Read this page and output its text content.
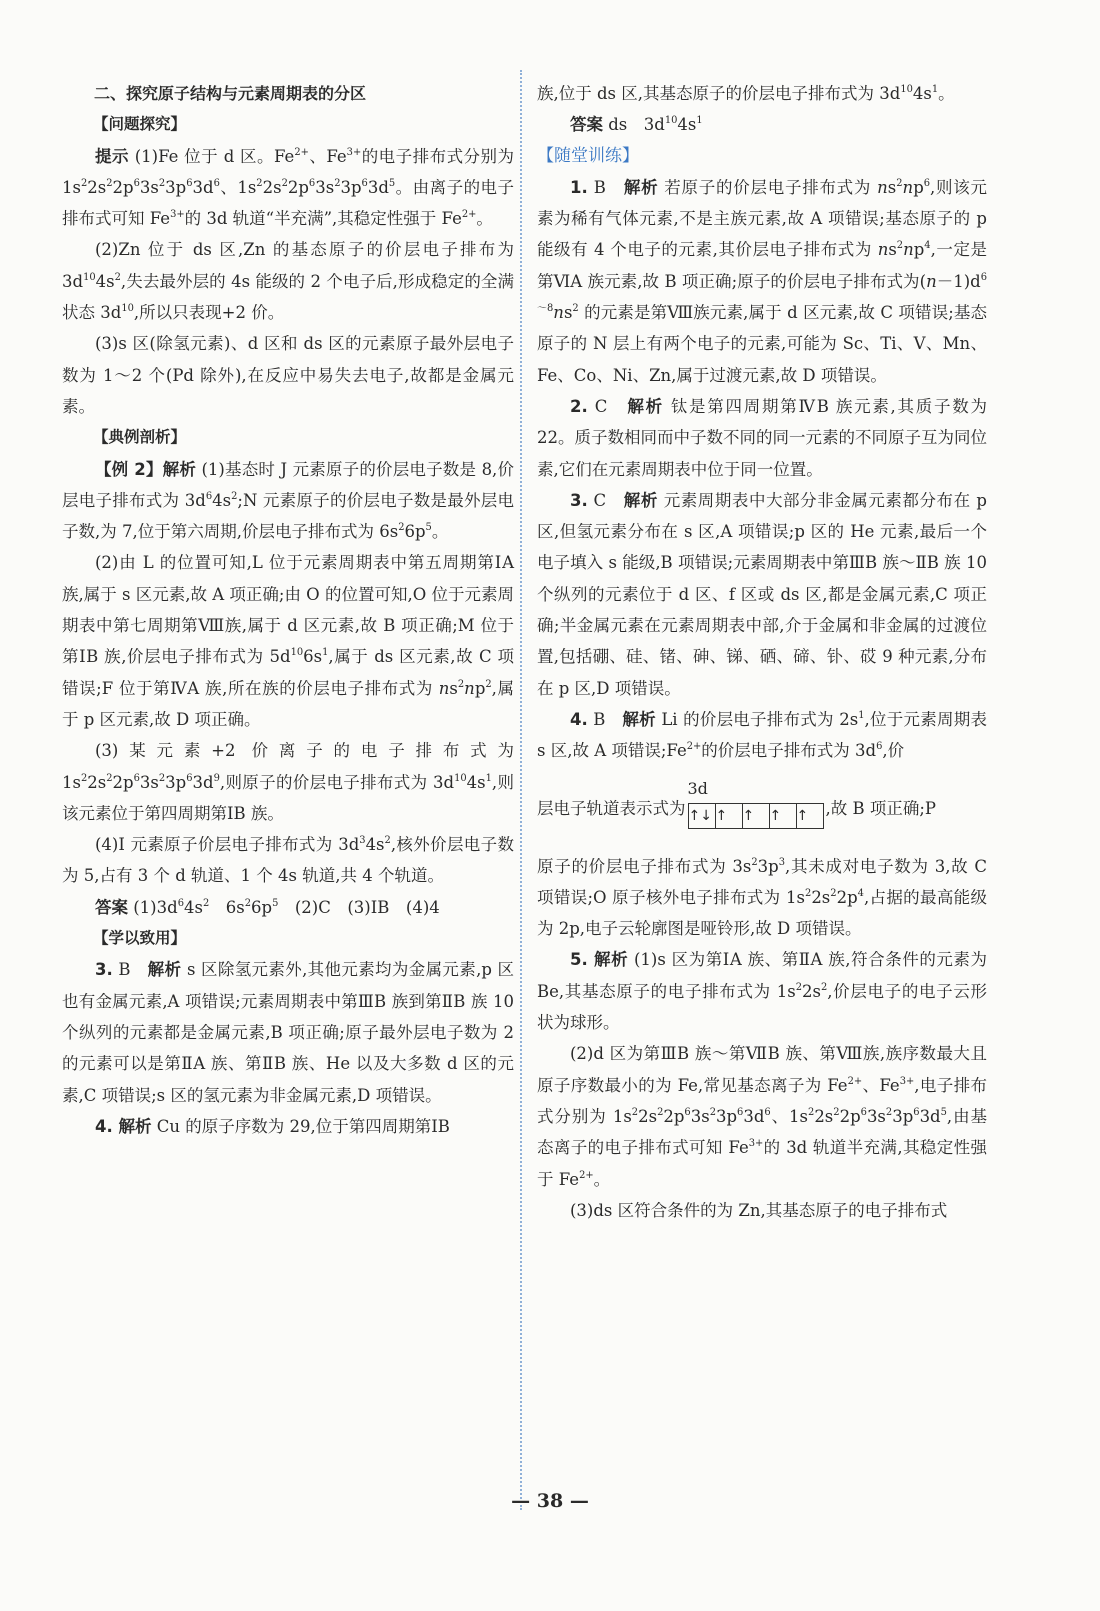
二、探究原子结构与元素周期表的分区

【问题探究】

提示 (1)Fe 位于 d 区。$Fe^{2+}$、$Fe^{3+}$的电子排布式分别为 $1s^22s^22p^63s^23p^63d^6$、$1s^22s^22p^63s^23p^63d^5$。由离子的电子排布式可知 $Fe^{3+}$的 3d 轨道“半充满”,其稳定性强于 $Fe^{2+}$。

(2)Zn 位于 ds 区,Zn 的基态原子的价层电子排布为 $3d^{10}4s^2$,失去最外层的 4s 能级的 2 个电子后,形成稳定的全满状态 $3d^{10}$,所以只表现+2 价。

(3)s 区(除氢元素)、d 区和 ds 区的元素原子最外层电子数为 1～2 个(Pd 除外),在反应中易失去电子,故都是金属元素。

【典例剖析】

【例 2】解析 (1)基态时 J 元素原子的价层电子数是 8,价层电子排布式为 $3d^64s^2;N$ 元素原子的价层电子数是最外层电子数,为 7,位于第六周期,价层电子排布式为 $6s^26p^5$。

(2)由 L 的位置可知,L 位于元素周期表中第五周期第ⅠA 族,属于 s 区元素,故 A 项正确;由 O 的位置可知,O 位于元素周期表中第七周期第Ⅷ族,属于 d 区元素,故 B 项正确;M 位于第ⅠB 族,价层电子排布式为 $5d^{10}6s^1$,属于 ds 区元素,故 C 项错误;F 位于第ⅣA 族,所在族的价层电子排布式为 $ns^2np^2$,属于 p 区元素,故 D 项正确。

(3)某元素+2 价离子的电子排布式为 $1s^22s^22p^63s^23p^63d^9$,则原子的价层电子排布式为 $3d^{10}4s^1$,则该元素位于第四周期第ⅠB 族。

(4)I 元素原子价层电子排布式为 $3d^34s^2$,核外价层电子数为 5,占有 3 个 d 轨道、1 个 4s 轨道,共 4 个轨道。

答案 $(1)3d^64s^2$　$6s^26p^5$　(2)C　(3)ⅠB　(4)4

【学以致用】

3. B　解析 s 区除氢元素外,其他元素均为金属元素,p 区也有金属元素,A 项错误;元素周期表中第ⅢB 族到第ⅡB 族 10 个纵列的元素都是金属元素,B 项正确;原子最外层电子数为 2 的元素可以是第ⅡA 族、第ⅡB 族、He 以及大多数 d 区的元素,C 项错误;s 区的氢元素为非金属元素,D 项错误。

4. 解析 Cu 的原子序数为 29,位于第四周期第ⅠB

族,位于 ds 区,其基态原子的价层电子排布式为 $3d^{10}4s^1$。

答案 ds　$3d^{10}4s^1$

【随堂训练】

1. B　解析 若原子的价层电子排布式为 $ns^2np^6$,则该元素为稀有气体元素,不是主族元素,故 A 项错误;基态原子的 p 能级有 4 个电子的元素,其价层电子排布式为 $ns^2np^4$,一定是第ⅥA 族元素,故 B 项正确;原子的价层电子排布式为$(n-1)d^{6\sim 8}ns^2$ 的元素是第Ⅷ族元素,属于 d 区元素,故 C 项错误;基态原子的 N 层上有两个电子的元素,可能为 Sc、Ti、V、Mn、Fe、Co、Ni、Zn,属于过渡元素,故 D 项错误。

2. C　解析 钛是第四周期第ⅣB 族元素,其质子数为 22。质子数相同而中子数不同的同一元素的不同原子互为同位素,它们在元素周期表中位于同一位置。

3. C　解析 元素周期表中大部分非金属元素都分布在 p 区,但氢元素分布在 s 区,A 项错误;p 区的 He 元素,最后一个电子填入 s 能级,B 项错误;元素周期表中第ⅢB 族～ⅡB 族 10 个纵列的元素位于 d 区、f 区或 ds 区,都是金属元素,C 项正确;半金属元素在元素周期表中部,介于金属和非金属的过渡位置,包括硼、硅、锗、砷、锑、硒、碲、钋、砹 9 种元素,分布在 p 区,D 项错误。

4. B　解析 Li 的价层电子排布式为 $2s^1$,位于元素周期表 s 区,故 A 项错误$;Fe^{2+}$的价层电子排布式为 $3d^6$,价

层电子轨道表示式为
3d
↑↓ ↑	↑	↑	↑	,故 B 项正确;P

原子的价层电子排布式为 $3s^23p^3$,其未成对电子数为 3,故 C 项错误;O 原子核外电子排布式为 $1s^22s^22p^4$,占据的最高能级为 2p,电子云轮廓图是哑铃形,故 D 项错误。

5. 解析 (1)s 区为第ⅠA 族、第ⅡA 族,符合条件的元素为 Be,其基态原子的电子排布式为 $1s^22s^2$,价层电子的电子云形状为球形。

(2)d 区为第ⅢB 族～第ⅦB 族、第Ⅷ族,族序数最大且原子序数最小的为 Fe,常见基态离子为 $Fe^{2+}$、$Fe^{3+}$,电子排布式分别为 $1s^22s^22p^63s^23p^63d^6$、$1s^22s^22p^63s^23p^63d^5$,由基态离子的电子排布式可知 $Fe^{3+}$的 3d 轨道半充满,其稳定性强于 $Fe^{2+}$。

(3)ds 区符合条件的为 Zn,其基态原子的电子排布式

— 38 —
